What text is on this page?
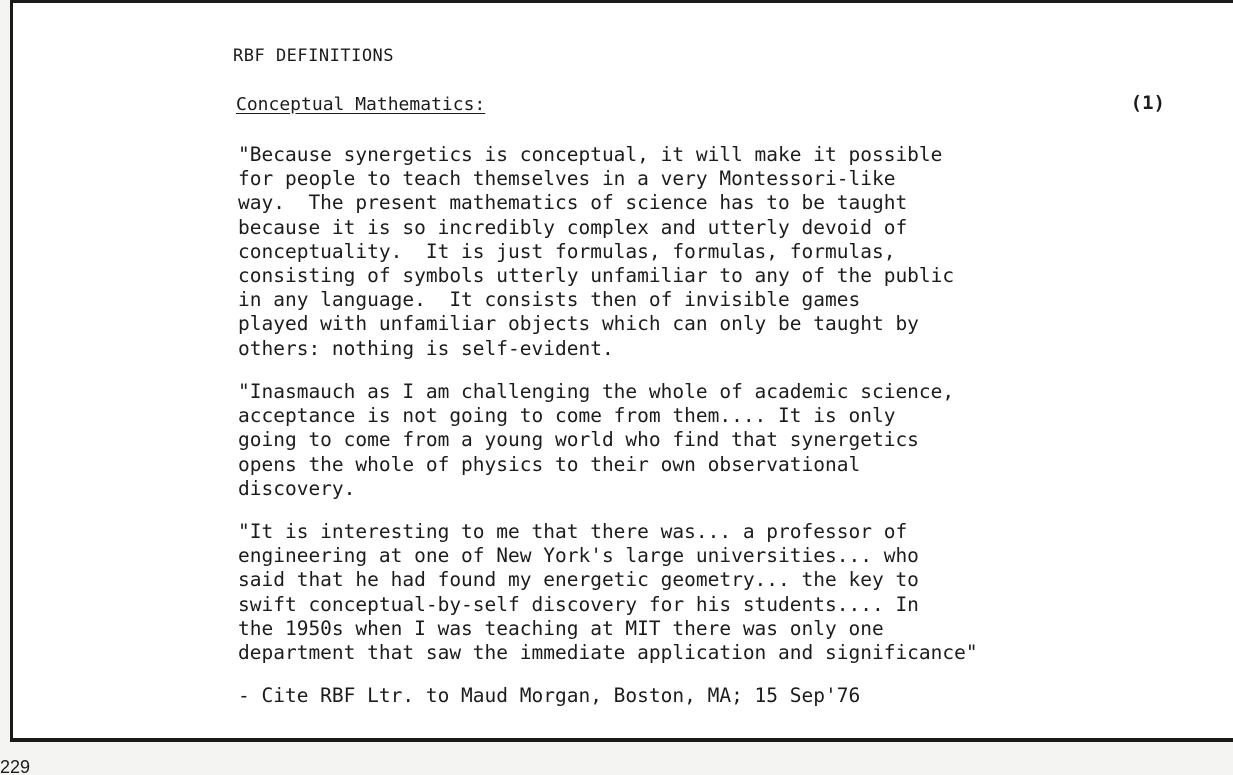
RBF DEFINITIONS
Conceptual Mathematics:	(1)

"Because synergetics is conceptual, it will make it possible
for people to teach themselves in a very Montessori-like
way.  The present mathematics of science has to be taught
because it is so incredibly complex and utterly devoid of
conceptuality.  It is just formulas, formulas, formulas,
consisting of symbols utterly unfamiliar to any of the public
in any language.  It consists then of invisible games
played with unfamiliar objects which can only be taught by
others: nothing is self-evident.

"Inasmauch as I am challenging the whole of academic science,
acceptance is not going to come from them.... It is only
going to come from a young world who find that synergetics
opens the whole of physics to their own observational
discovery.

"It is interesting to me that there was... a professor of
engineering at one of New York's large universities... who
said that he had found my energetic geometry... the key to
swift conceptual-by-self discovery for his students.... In
the 1950s when I was teaching at MIT there was only one
department that saw the immediate application and significance"

- Cite RBF Ltr. to Maud Morgan, Boston, MA; 15 Sep'76

229
